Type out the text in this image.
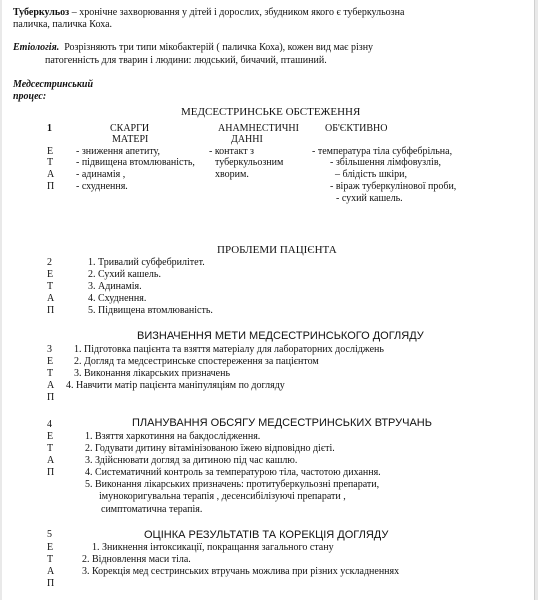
Туберкульоз – хронічне захворювання у дітей і дорослих, збудником якого є туберкульозна
паличка, паличка Коха.
Етіологія. Розрізняють три типи мікобактерій ( паличка Коха), кожен вид має різну
патогенність для тварин і людини: людський, бичачий, пташиний.
Медсестринський
процес:
МЕДСЕСТРИНСЬКЕ ОБСТЕЖЕННЯ
1	СКАРГИ
МАТЕРІ
АНАМНЕСТИЧНІ
ДАННІ
ОБ'ЄКТИВНО
Е
Т
А
П
- зниження апетиту,
- підвищена втомлюваність,
- адинамія ,
- схуднення.
- контакт з
туберкульозним
хворим.
- температура тіла субфебрільна,
- збільшення лімфовузлів,
– блідість шкіри,
- віраж туберкулінової проби,
- сухий кашель.
ПРОБЛЕМИ ПАЦІЄНТА
2
Е
Т
А
П
1. Тривалий субфебрилітет.
2. Сухий кашель.
3. Адинамія.
4. Схуднення.
5. Підвищена втомлюваність.
ВИЗНАЧЕННЯ МЕТИ МЕДСЕСТРИНСЬКОГО ДОГЛЯДУ
3
Е
Т
А
П
1. Підготовка пацієнта та взяття матеріалу для лабораторних досліджень
2. Догляд та медсестринське спостереження за пацієнтом
3. Виконання лікарських призначень
4. Навчити матір пацієнта маніпуляціям по догляду
ПЛАНУВАННЯ ОБСЯГУ МЕДСЕСТРИНСЬКИХ ВТРУЧАНЬ
4
Е
Т
А
П
1. Взяття харкотиння на бакдослідження.
2. Годувати дитину вітамінізованою їжею відповідно дієті.
3. Здійснювати догляд за дитиною під час кашлю.
4. Систематичний контроль за температурою тіла, частотою дихання.
5. Виконання лікарських призначень: протитуберкульозні препарати,
імунокоригувальна терапія , десенсибілізуючі препарати ,
симптоматична терапія.
ОЦІНКА РЕЗУЛЬТАТІВ ТА КОРЕКЦІЯ ДОГЛЯДУ
5
Е
Т
А
П
1. Зникнення інтоксикації, покращання загального стану
2. Відновлення маси тіла.
3. Корекція мед сестринських втручань можлива при різних ускладненнях
